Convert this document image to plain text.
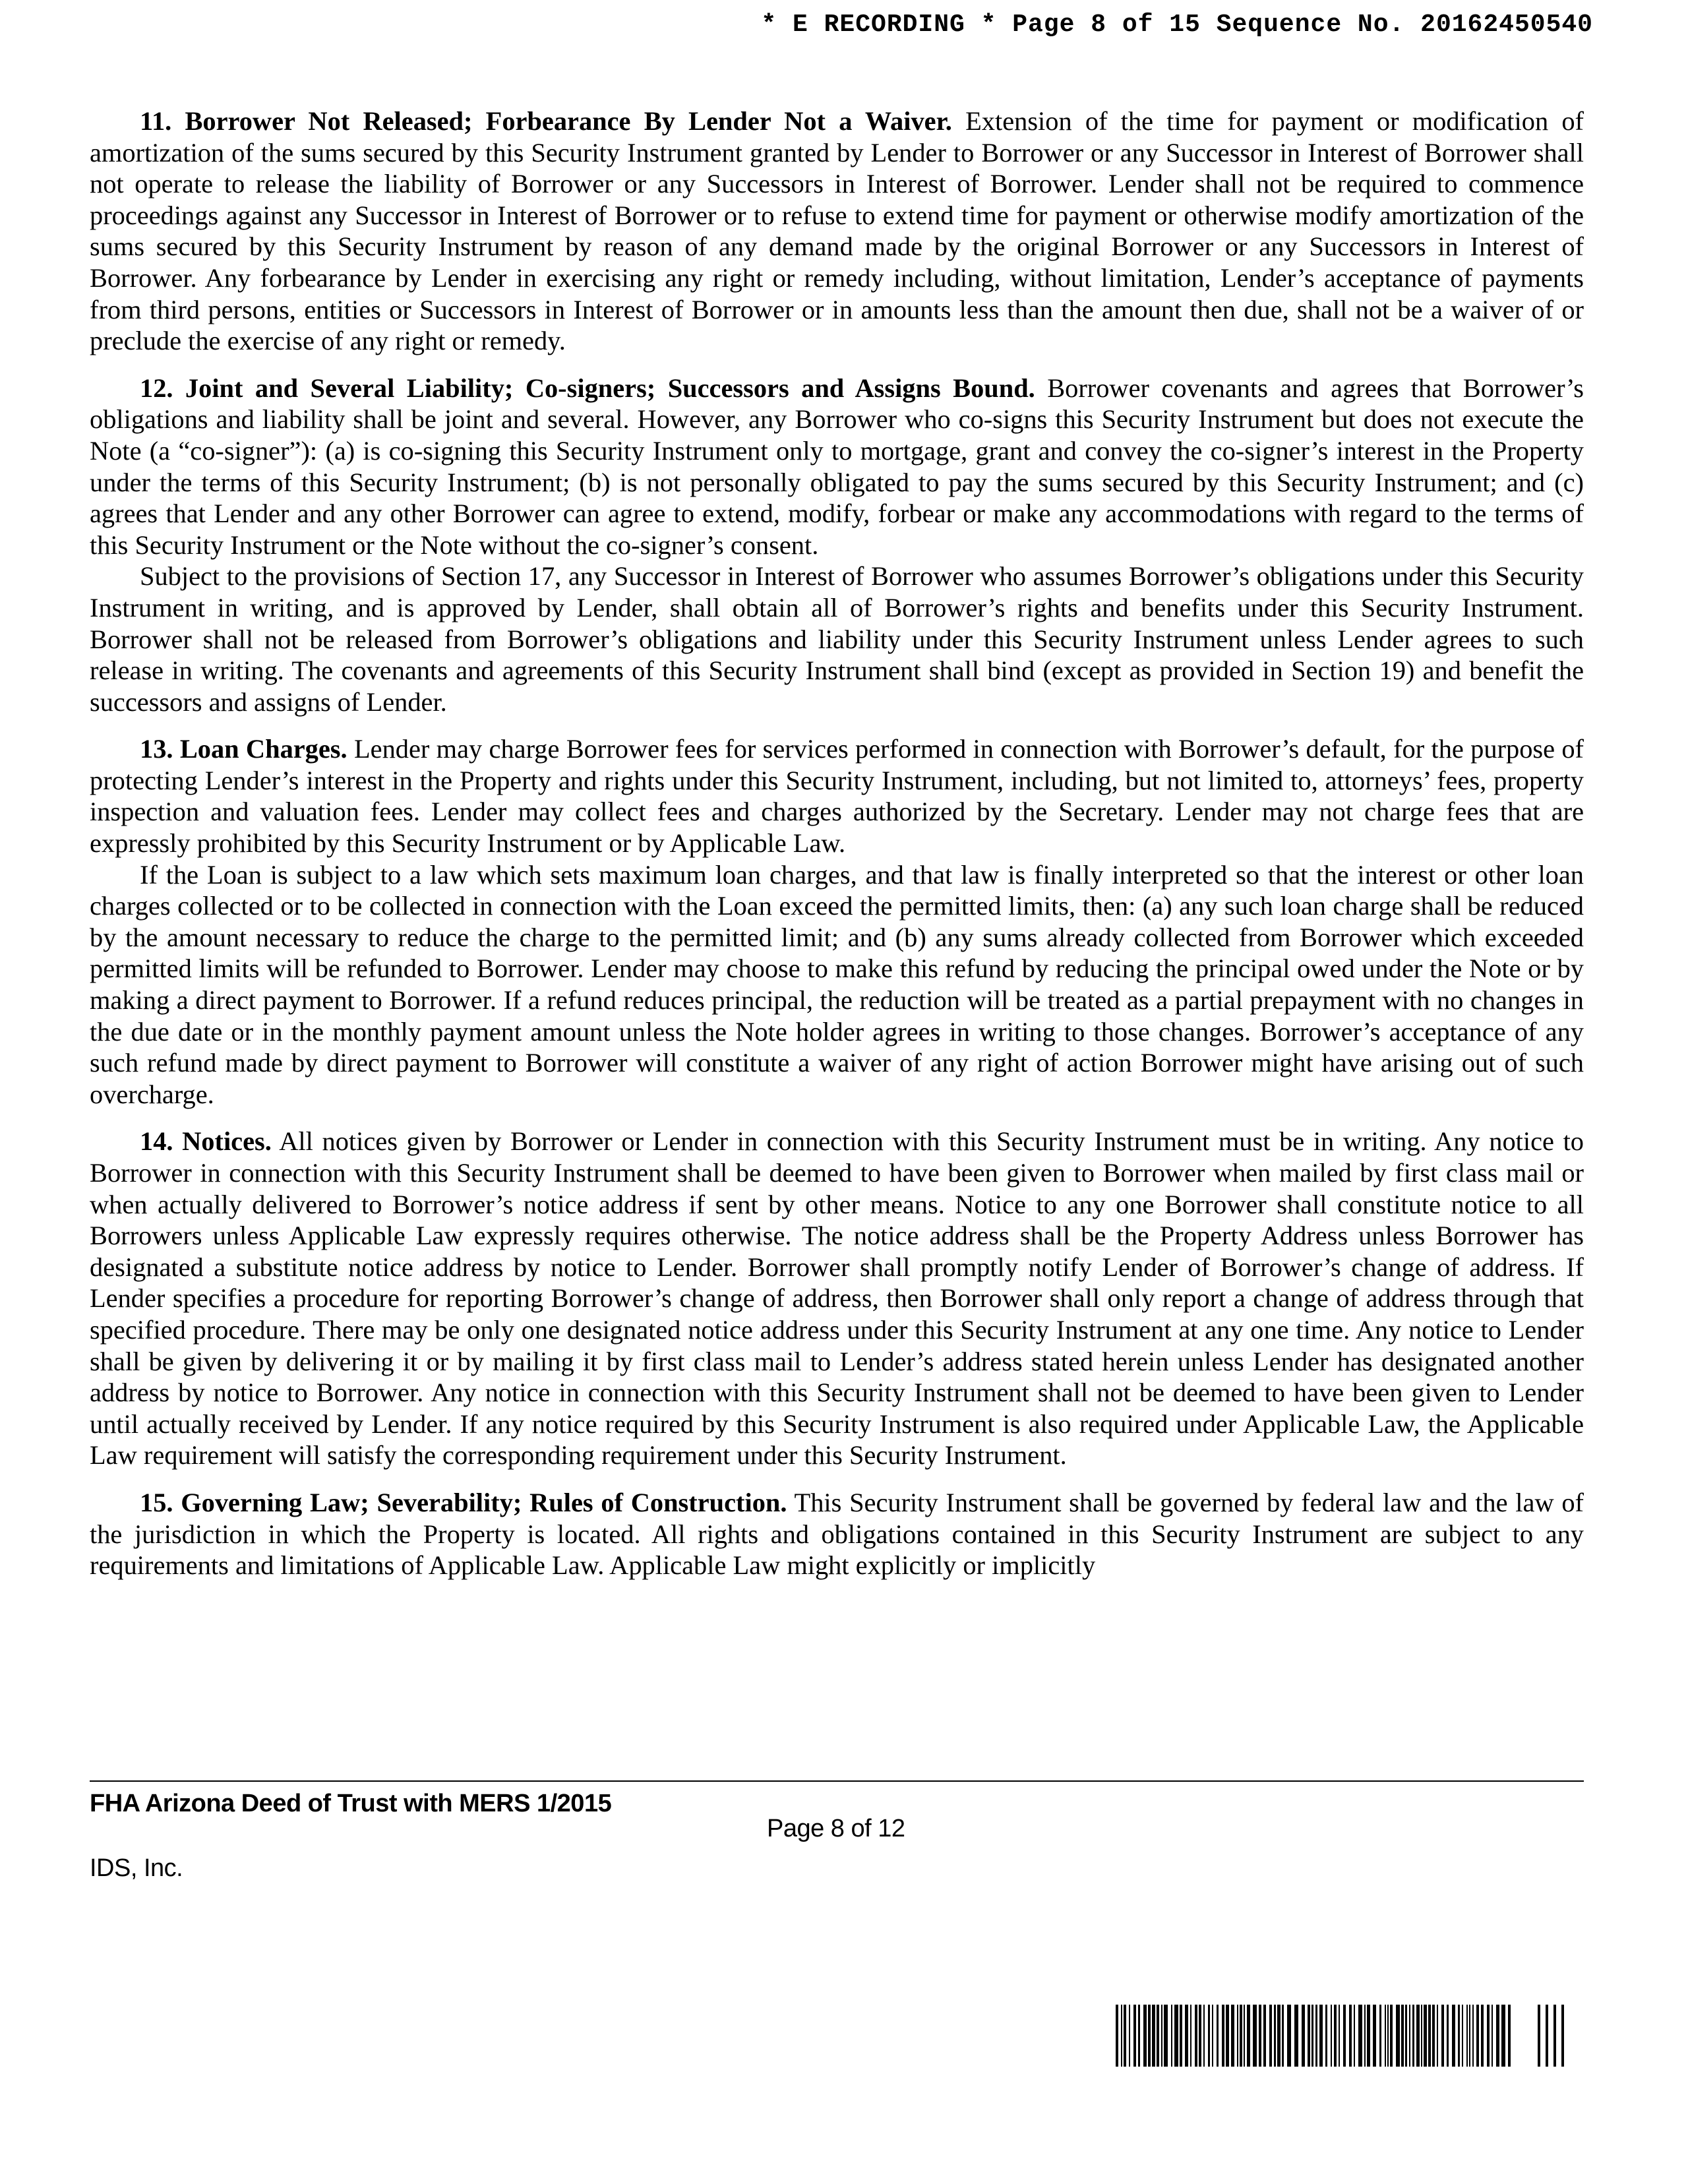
* E RECORDING * Page 8 of 15 Sequence No. 20162450540

11. Borrower Not Released; Forbearance By Lender Not a Waiver. Extension of the time for payment or modification of amortization of the sums secured by this Security Instrument granted by Lender to Borrower or any Successor in Interest of Borrower shall not operate to release the liability of Borrower or any Successors in Interest of Borrower. Lender shall not be required to commence proceedings against any Successor in Interest of Borrower or to refuse to extend time for payment or otherwise modify amortization of the sums secured by this Security Instrument by reason of any demand made by the original Borrower or any Successors in Interest of Borrower. Any forbearance by Lender in exercising any right or remedy including, without limitation, Lender’s acceptance of payments from third persons, entities or Successors in Interest of Borrower or in amounts less than the amount then due, shall not be a waiver of or preclude the exercise of any right or remedy.

12. Joint and Several Liability; Co-signers; Successors and Assigns Bound. Borrower covenants and agrees that Borrower’s obligations and liability shall be joint and several. However, any Borrower who co-signs this Security Instrument but does not execute the Note (a “co-signer”): (a) is co-signing this Security Instrument only to mortgage, grant and convey the co-signer’s interest in the Property under the terms of this Security Instrument; (b) is not personally obligated to pay the sums secured by this Security Instrument; and (c) agrees that Lender and any other Borrower can agree to extend, modify, forbear or make any accommodations with regard to the terms of this Security Instrument or the Note without the co-signer’s consent.

Subject to the provisions of Section 17, any Successor in Interest of Borrower who assumes Borrower’s obligations under this Security Instrument in writing, and is approved by Lender, shall obtain all of Borrower’s rights and benefits under this Security Instrument. Borrower shall not be released from Borrower’s obligations and liability under this Security Instrument unless Lender agrees to such release in writing. The covenants and agreements of this Security Instrument shall bind (except as provided in Section 19) and benefit the successors and assigns of Lender.

13. Loan Charges. Lender may charge Borrower fees for services performed in connection with Borrower’s default, for the purpose of protecting Lender’s interest in the Property and rights under this Security Instrument, including, but not limited to, attorneys’ fees, property inspection and valuation fees. Lender may collect fees and charges authorized by the Secretary. Lender may not charge fees that are expressly prohibited by this Security Instrument or by Applicable Law.

If the Loan is subject to a law which sets maximum loan charges, and that law is finally interpreted so that the interest or other loan charges collected or to be collected in connection with the Loan exceed the permitted limits, then: (a) any such loan charge shall be reduced by the amount necessary to reduce the charge to the permitted limit; and (b) any sums already collected from Borrower which exceeded permitted limits will be refunded to Borrower. Lender may choose to make this refund by reducing the principal owed under the Note or by making a direct payment to Borrower. If a refund reduces principal, the reduction will be treated as a partial prepayment with no changes in the due date or in the monthly payment amount unless the Note holder agrees in writing to those changes. Borrower’s acceptance of any such refund made by direct payment to Borrower will constitute a waiver of any right of action Borrower might have arising out of such overcharge.

14. Notices. All notices given by Borrower or Lender in connection with this Security Instrument must be in writing. Any notice to Borrower in connection with this Security Instrument shall be deemed to have been given to Borrower when mailed by first class mail or when actually delivered to Borrower’s notice address if sent by other means. Notice to any one Borrower shall constitute notice to all Borrowers unless Applicable Law expressly requires otherwise. The notice address shall be the Property Address unless Borrower has designated a substitute notice address by notice to Lender. Borrower shall promptly notify Lender of Borrower’s change of address. If Lender specifies a procedure for reporting Borrower’s change of address, then Borrower shall only report a change of address through that specified procedure. There may be only one designated notice address under this Security Instrument at any one time. Any notice to Lender shall be given by delivering it or by mailing it by first class mail to Lender’s address stated herein unless Lender has designated another address by notice to Borrower. Any notice in connection with this Security Instrument shall not be deemed to have been given to Lender until actually received by Lender. If any notice required by this Security Instrument is also required under Applicable Law, the Applicable Law requirement will satisfy the corresponding requirement under this Security Instrument.

15. Governing Law; Severability; Rules of Construction. This Security Instrument shall be governed by federal law and the law of the jurisdiction in which the Property is located. All rights and obligations contained in this Security Instrument are subject to any requirements and limitations of Applicable Law. Applicable Law might explicitly or implicitly

FHA Arizona Deed of Trust with MERS 1/2015
Page 8 of 12
IDS, Inc.
